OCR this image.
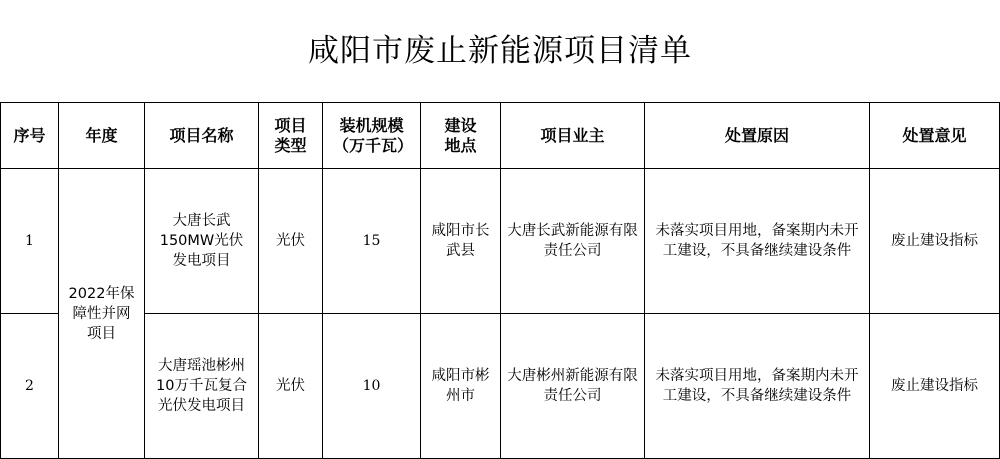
咸阳市废止新能源项目清单
序号	年度	项目名称	项目类型	装机规模（万千瓦）	建设地点	项目业主	处置原因	处置意见
1	2022年保障性并网项目	大唐长武150MW光伏发电项目	光伏	15	咸阳市长武县	大唐长武新能源有限责任公司	未落实项目用地，备案期内未开工建设，不具备继续建设条件	废止建设指标
2		大唐瑶池彬州10万千瓦复合光伏发电项目	光伏	10	咸阳市彬州市	大唐彬州新能源有限责任公司	未落实项目用地，备案期内未开工建设，不具备继续建设条件	废止建设指标
